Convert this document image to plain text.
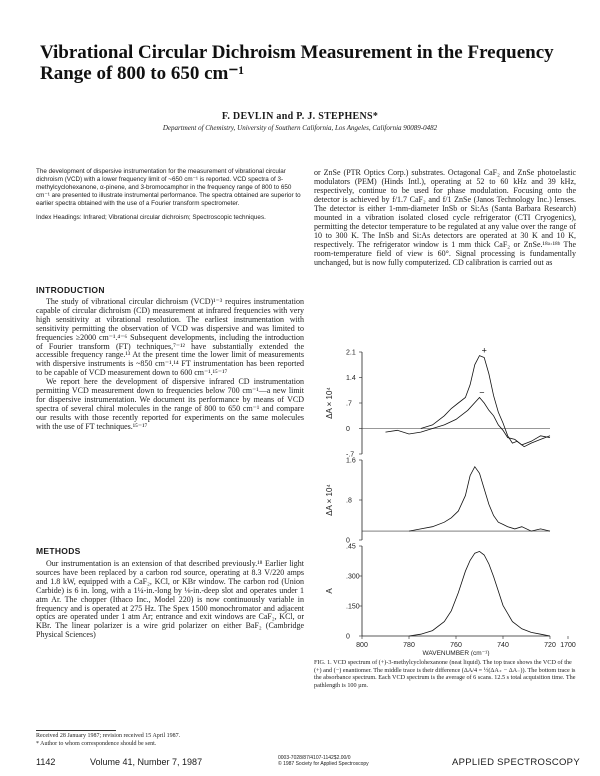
Vibrational Circular Dichroism Measurement in the Frequency Range of 800 to 650 cm⁻¹
F. DEVLIN and P. J. STEPHENS*
Department of Chemistry, University of Southern California, Los Angeles, California 90089-0482
The development of dispersive instrumentation for the measurement of vibrational circular dichroism (VCD) with a lower frequency limit of ~650 cm⁻¹ is reported. VCD spectra of 3-methylcyclohexanone, α-pinene, and 3-bromocamphor in the frequency range of 800 to 650 cm⁻¹ are presented to illustrate instrumental performance. The spectra obtained are superior to earlier spectra obtained with the use of a Fourier transform spectrometer.
Index Headings: Infrared; Vibrational circular dichroism; Spectroscopic techniques.
INTRODUCTION

The study of vibrational circular dichroism (VCD)¹⁻³ requires instrumentation capable of circular dichroism (CD) measurement at infrared frequencies with very high sensitivity at vibrational resolution. The earliest instrumentation with sensitivity permitting the observation of VCD was dispersive and was limited to frequencies ≥2000 cm⁻¹.⁴⁻⁶ Subsequent developments, including the introduction of Fourier transform (FT) techniques,⁷⁻¹² have substantially extended the accessible frequency range.¹³ At the present time the lower limit of measurements with dispersive instruments is ~850 cm⁻¹.¹⁴ FT instrumentation has been reported to be capable of VCD measurement down to 600 cm⁻¹.¹⁵⁻¹⁷

We report here the development of dispersive infrared CD instrumentation permitting VCD measurement down to frequencies below 700 cm⁻¹—a new limit for dispersive instrumentation. We document its performance by means of VCD spectra of several chiral molecules in the range of 800 to 650 cm⁻¹ and compare our results with those recently reported for experiments on the same molecules with the use of FT techniques.¹⁵⁻¹⁷

METHODS

Our instrumentation is an extension of that described previously.¹⁸ Earlier light sources have been replaced by a carbon rod source, operating at 8.3 V/220 amps and 1.8 kW, equipped with a CaF₂, KCl, or KBr window. The carbon rod (Union Carbide) is 6 in. long, with a 1¼-in.-long by ⅛-in.-deep slot and operates under 1 atm Ar. The chopper (Ithaco Inc., Model 220) is now continuously variable in frequency and is operated at 275 Hz. The Spex 1500 monochromator and adjacent optics are operated under 1 atm Ar; entrance and exit windows are CaF₂, KCl, or KBr. The linear polarizer is a wire grid polarizer on either BaF₂ (Cambridge Physical Sciences)

or ZnSe (PTR Optics Corp.) substrates. Octagonal CaF₂ and ZnSe photoelastic modulators (PEM) (Hinds Intl.), operating at 52 to 60 kHz and 39 kHz, respectively, continue to be used for phase modulation. Focusing onto the detector is achieved by f/1.7 CaF₂ and f/1 ZnSe (Janos Technology Inc.) lenses. The detector is either 1-mm-diameter InSb or Si:As (Santa Barbara Research) mounted in a vibration isolated closed cycle refrigerator (CTI Cryogenics), permitting the detector temperature to be regulated at any value over the range of 10 to 300 K. The InSb and Si:As detectors are operated at 30 K and 10 K, respectively. The refrigerator window is 1 mm thick CaF₂ or ZnSe.¹⁸ᵃ·¹⁸ᵇ The room-temperature field of view is 60°. Signal processing is fundamentally unchanged, but is now fully computerized. CD calibration is carried out as

2.1
1.4
.7
0
-.7
ΔA × 10⁴
+
−
1.6
.8
0
ΔA × 10⁴
.45
.300
.150
0
A
800	780	760	740	720 1700
WAVENUMBER (cm⁻¹)
FIG. 1. VCD spectrum of (+)-3-methylcyclohexanone (neat liquid). The top trace shows the VCD of the (+) and (−) enantiomer. The middle trace is their difference (ΔA/4 = ½(ΔA₊ − ΔA₋)). The bottom trace is the absorbance spectrum. Each VCD spectrum is the average of 6 scans. 12.5 s total acquisition time. The pathlength is 100 µm.
Received 28 January 1987; revision received 15 April 1987.
* Author to whom correspondence should be sent.
1142	Volume 41, Number 7, 1987	0003-7028/87/4107-1142$2.00/0
© 1987 Society for Applied Spectroscopy	APPLIED SPECTROSCOPY
